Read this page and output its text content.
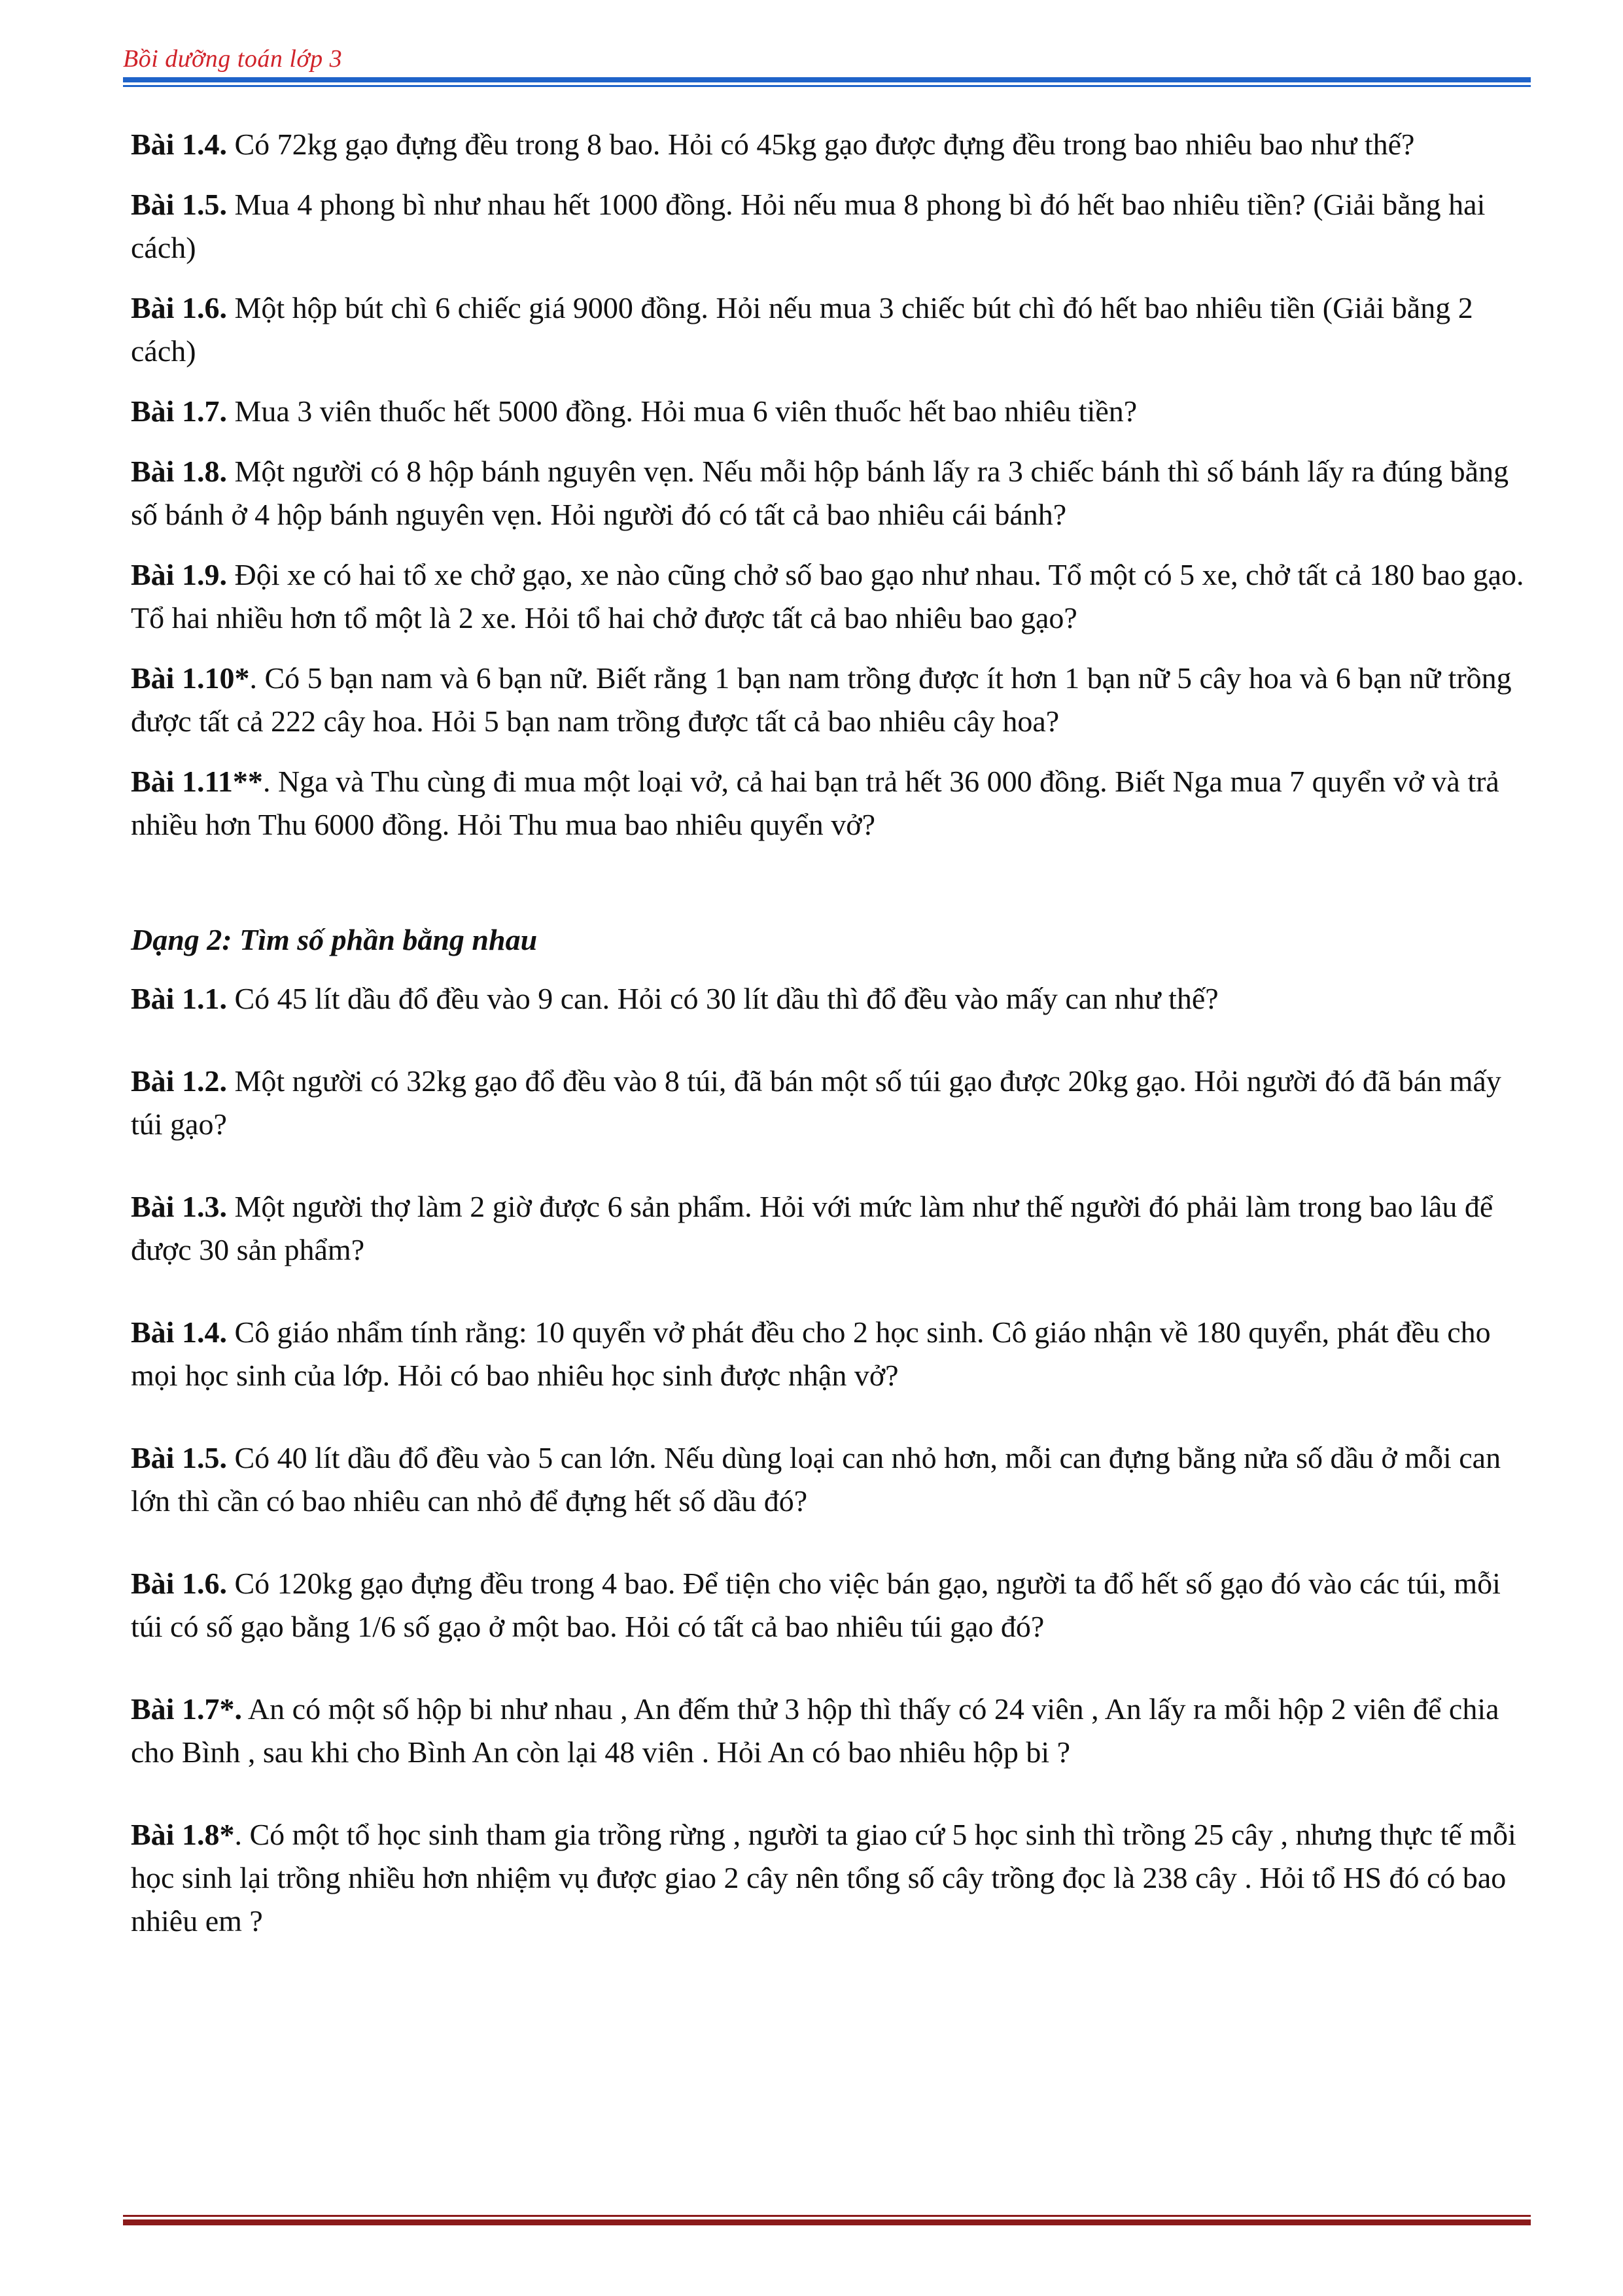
Bồi dưỡng toán lớp 3

Bài 1.4. Có 72kg gạo đựng đều trong 8 bao. Hỏi có 45kg gạo được đựng đều trong bao nhiêu bao như thế?

Bài 1.5. Mua 4 phong bì như nhau hết 1000 đồng. Hỏi nếu mua 8 phong bì đó hết bao nhiêu tiền? (Giải bằng hai cách)

Bài 1.6. Một hộp bút chì 6 chiếc giá 9000 đồng. Hỏi nếu mua 3 chiếc bút chì đó hết bao nhiêu tiền (Giải bằng 2 cách)

Bài 1.7. Mua 3 viên thuốc hết 5000 đồng. Hỏi mua 6 viên thuốc hết bao nhiêu tiền?

Bài 1.8. Một người có 8 hộp bánh nguyên vẹn. Nếu mỗi hộp bánh lấy ra 3 chiếc bánh thì số bánh lấy ra đúng bằng số bánh ở 4 hộp bánh nguyên vẹn. Hỏi người đó có tất cả bao nhiêu cái bánh?

Bài 1.9. Đội xe có hai tổ xe chở gạo, xe nào cũng chở số bao gạo như nhau. Tổ một có 5 xe, chở tất cả 180 bao gạo. Tổ hai nhiều hơn tổ một là 2 xe. Hỏi tổ hai chở được tất cả bao nhiêu bao gạo?

Bài 1.10*. Có 5 bạn nam và 6 bạn nữ. Biết rằng 1 bạn nam trồng được ít hơn 1 bạn nữ 5 cây hoa và 6 bạn nữ trồng được tất cả 222 cây hoa. Hỏi 5 bạn nam trồng được tất cả bao nhiêu cây hoa?

Bài 1.11**. Nga và Thu cùng đi mua một loại vở, cả hai bạn trả hết 36 000 đồng. Biết Nga mua 7 quyển vở và trả nhiều hơn Thu 6000 đồng. Hỏi Thu mua bao nhiêu quyển vở?

Dạng 2: Tìm số phần bằng nhau

Bài 1.1. Có 45 lít dầu đổ đều vào 9 can. Hỏi có 30 lít dầu thì đổ đều vào mấy can như thế?

Bài 1.2. Một người có 32kg gạo đổ đều vào 8 túi, đã bán một số túi gạo được 20kg gạo. Hỏi người đó đã bán mấy túi gạo?

Bài 1.3. Một người thợ làm 2 giờ được 6 sản phẩm. Hỏi với mức làm như thế người đó phải làm trong bao lâu để được 30 sản phẩm?

Bài 1.4. Cô giáo nhẩm tính rằng: 10 quyển vở phát đều cho 2 học sinh. Cô giáo nhận về 180 quyển, phát đều cho mọi học sinh của lớp. Hỏi có bao nhiêu học sinh được nhận vở?

Bài 1.5. Có 40 lít dầu đổ đều vào 5 can lớn. Nếu dùng loại can nhỏ hơn, mỗi can đựng bằng nửa số dầu ở mỗi can lớn thì cần có bao nhiêu can nhỏ để đựng hết số dầu đó?

Bài 1.6. Có 120kg gạo đựng đều trong 4 bao. Để tiện cho việc bán gạo, người ta đổ hết số gạo đó vào các túi, mỗi túi có số gạo bằng 1/6 số gạo ở một bao. Hỏi có tất cả bao nhiêu túi gạo đó?

Bài 1.7*. An có một số hộp bi như nhau , An đếm thử 3 hộp thì thấy có 24 viên , An lấy ra mỗi hộp 2 viên để chia cho Bình , sau khi cho Bình An còn lại 48 viên . Hỏi An có bao nhiêu hộp bi ?

Bài 1.8*. Có một tổ học sinh tham gia trồng rừng , người ta giao cứ 5 học sinh thì trồng 25 cây , nhưng thực tế mỗi học sinh lại trồng nhiều hơn nhiệm vụ được giao 2 cây nên tổng số cây trồng đọc là 238 cây . Hỏi tổ HS đó có bao nhiêu em ?
